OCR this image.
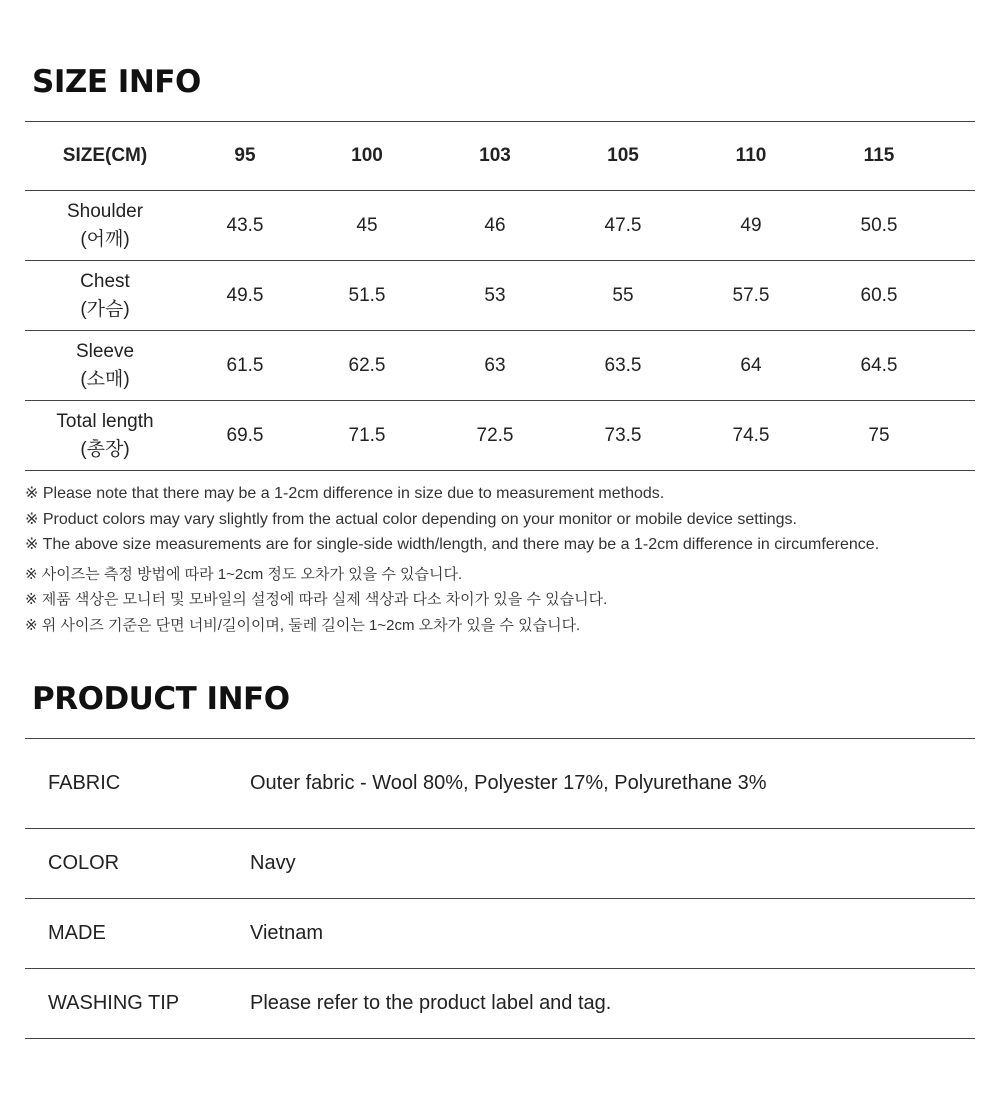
SIZE INFO
SIZE(CM)	95	100	103	105	110	115	

Shoulder
(어깨)	43.5	45	46	47.5	49	50.5	

Chest
(가슴)	49.5	51.5	53	55	57.5	60.5	

Sleeve
(소매)	61.5	62.5	63	63.5	64	64.5	

Total length
(총장)	69.5	71.5	72.5	73.5	74.5	75	
※ Please note that there may be a 1-2cm difference in size due to measurement methods.
※ Product colors may vary slightly from the actual color depending on your monitor or mobile device settings.
※ The above size measurements are for single-side width/length, and there may be a 1-2cm difference in circumference.
※ 사이즈는 측정 방법에 따라 1~2cm 정도 오차가 있을 수 있습니다.
※ 제품 색상은 모니터 및 모바일의 설정에 따라 실제 색상과 다소 차이가 있을 수 있습니다.
※ 위 사이즈 기준은 단면 너비/길이이며, 둘레 길이는 1~2cm 오차가 있을 수 있습니다.
PRODUCT INFO
FABRIC	Outer fabric - Wool 80%, Polyester 17%, Polyurethane 3%
COLOR	Navy
MADE	Vietnam
WASHING TIP	Please refer to the product label and tag.
